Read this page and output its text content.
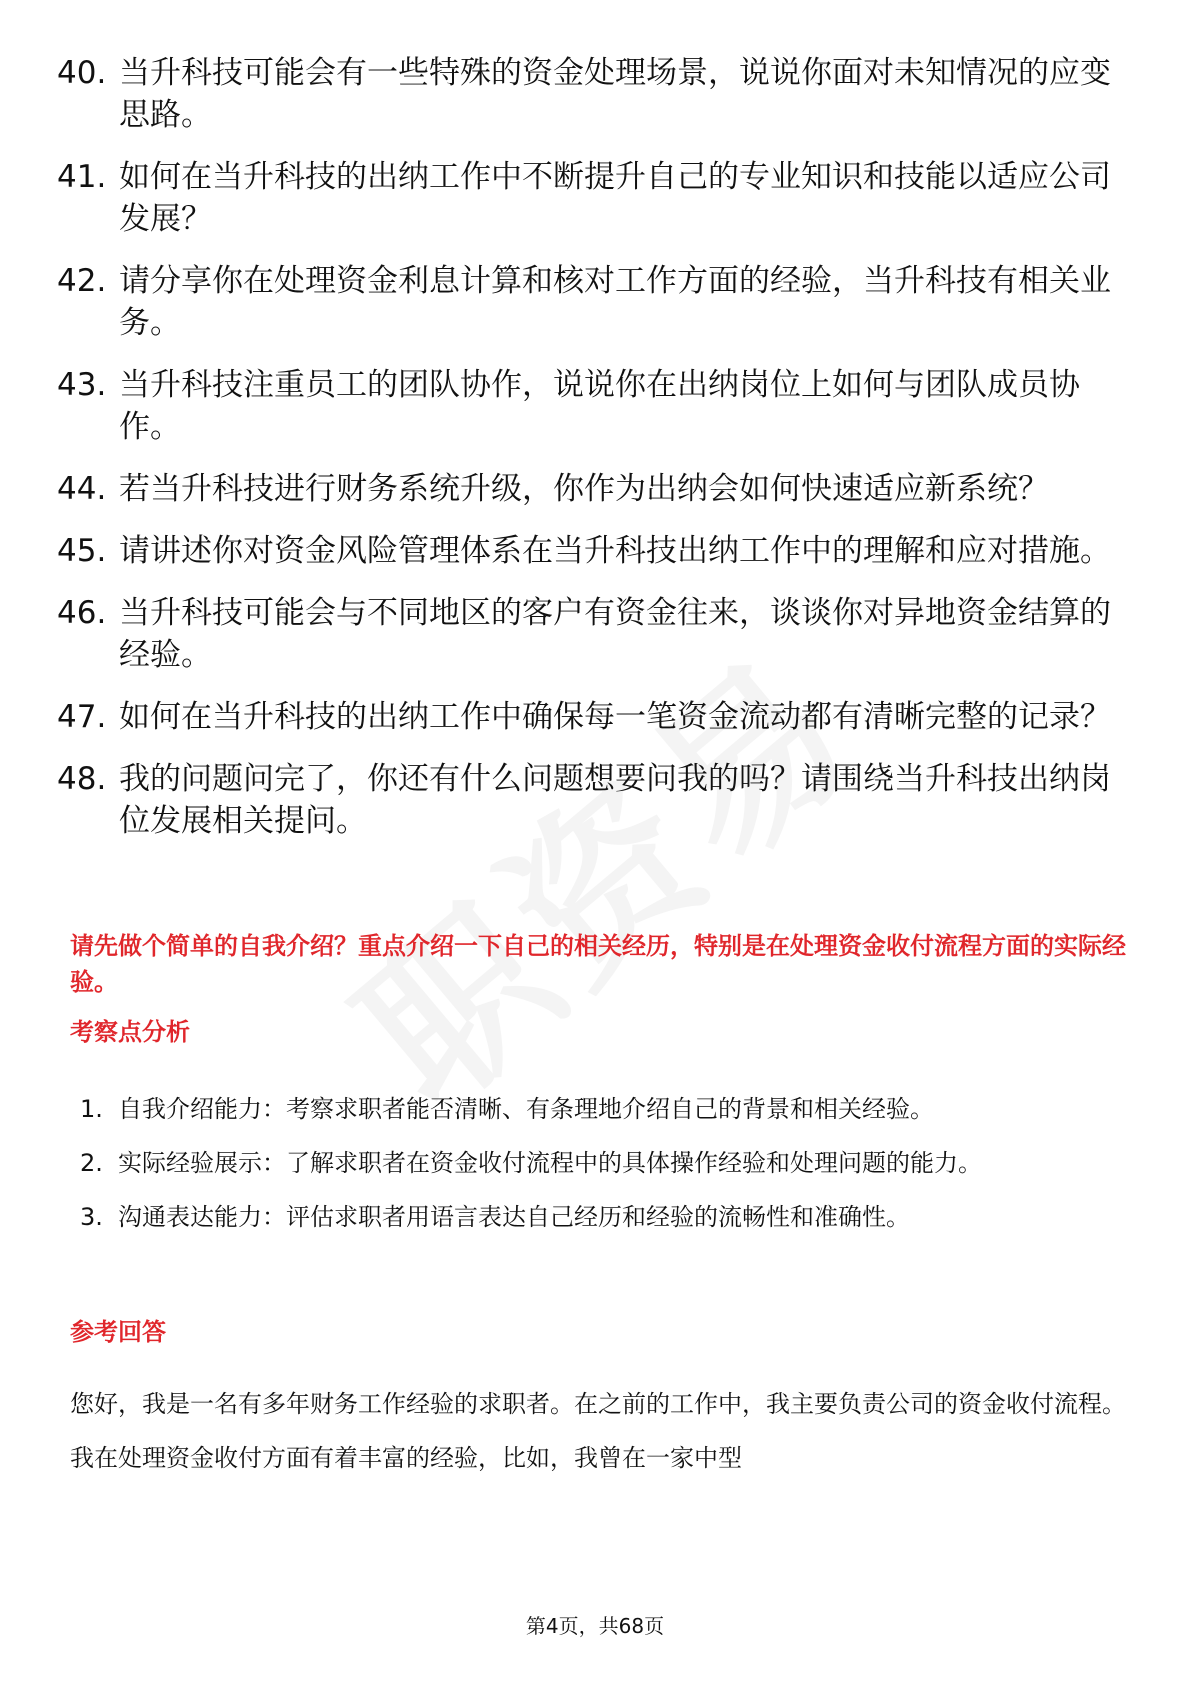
40. 当升科技可能会有一些特殊的资金处理场景，说说你面对未知情况的应变思路。
41. 如何在当升科技的出纳工作中不断提升自己的专业知识和技能以适应公司发展？
42. 请分享你在处理资金利息计算和核对工作方面的经验，当升科技有相关业务。
43. 当升科技注重员工的团队协作，说说你在出纳岗位上如何与团队成员协作。
44. 若当升科技进行财务系统升级，你作为出纳会如何快速适应新系统？
45. 请讲述你对资金风险管理体系在当升科技出纳工作中的理解和应对措施。
46. 当升科技可能会与不同地区的客户有资金往来，谈谈你对异地资金结算的经验。
47. 如何在当升科技的出纳工作中确保每一笔资金流动都有清晰完整的记录？
48. 我的问题问完了，你还有什么问题想要问我的吗？请围绕当升科技出纳岗位发展相关提问。
请先做个简单的自我介绍？重点介绍一下自己的相关经历，特别是在处理资金收付流程方面的实际经验。
考察点分析
1. 自我介绍能力：考察求职者能否清晰、有条理地介绍自己的背景和相关经验。
2. 实际经验展示：了解求职者在资金收付流程中的具体操作经验和处理问题的能力。
3. 沟通表达能力：评估求职者用语言表达自己经历和经验的流畅性和准确性。
参考回答

您好，我是一名有多年财务工作经验的求职者。在之前的工作中，我主要负责公司的资金收付流程。我在处理资金收付方面有着丰富的经验，比如，我曾在一家中型

第4页，共68页
